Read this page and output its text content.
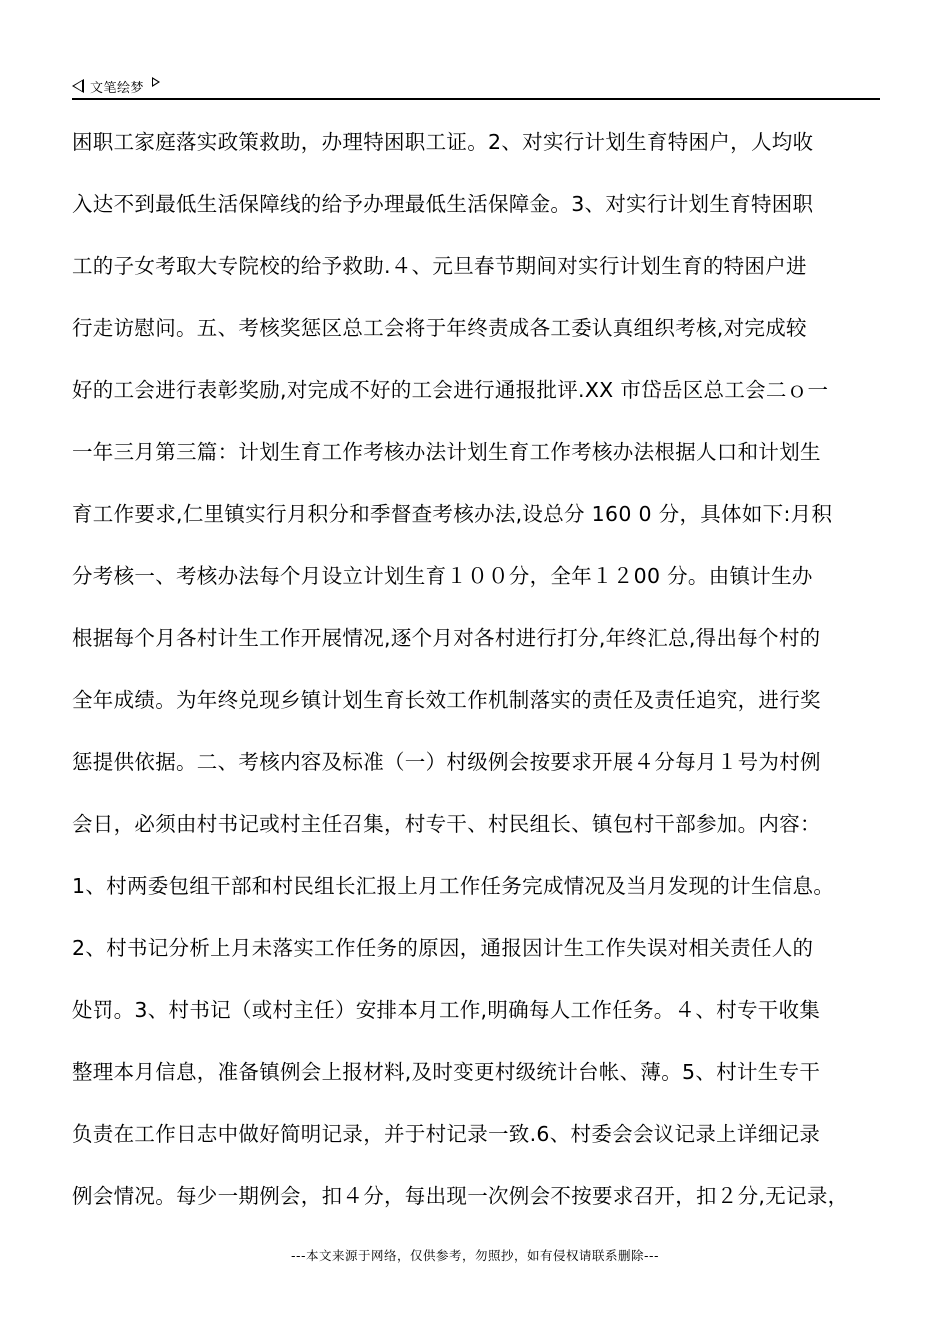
文笔绘梦
困职工家庭落实政策救助，办理特困职工证。2、对实行计划生育特困户，人均收
入达不到最低生活保障线的给予办理最低生活保障金。3、对实行计划生育特困职
工的子女考取大专院校的给予救助.４、元旦春节期间对实行计划生育的特困户进
行走访慰问。五、考核奖惩区总工会将于年终责成各工委认真组织考核,对完成较
好的工会进行表彰奖励,对完成不好的工会进行通报批评.XX 市岱岳区总工会二ｏ一
一年三月第三篇：计划生育工作考核办法计划生育工作考核办法根据人口和计划生
育工作要求,仁里镇实行月积分和季督查考核办法,设总分 160 0 分，具体如下:月积
分考核一、考核办法每个月设立计划生育１００分，全年１２00 分。由镇计生办
根据每个月各村计生工作开展情况,逐个月对各村进行打分,年终汇总,得出每个村的
全年成绩。为年终兑现乡镇计划生育长效工作机制落实的责任及责任追究，进行奖
惩提供依据。二、考核内容及标准（一）村级例会按要求开展４分每月１号为村例
会日，必须由村书记或村主任召集，村专干、村民组长、镇包村干部参加。内容：
1、村两委包组干部和村民组长汇报上月工作任务完成情况及当月发现的计生信息。
2、村书记分析上月未落实工作任务的原因，通报因计生工作失误对相关责任人的
处罚。3、村书记（或村主任）安排本月工作,明确每人工作任务。４、村专干收集
整理本月信息，准备镇例会上报材料,及时变更村级统计台帐、薄。5、村计生专干
负责在工作日志中做好简明记录，并于村记录一致.6、村委会会议记录上详细记录
例会情况。每少一期例会，扣４分，每出现一次例会不按要求召开，扣２分,无记录，
---本文来源于网络，仅供参考，勿照抄，如有侵权请联系删除---
